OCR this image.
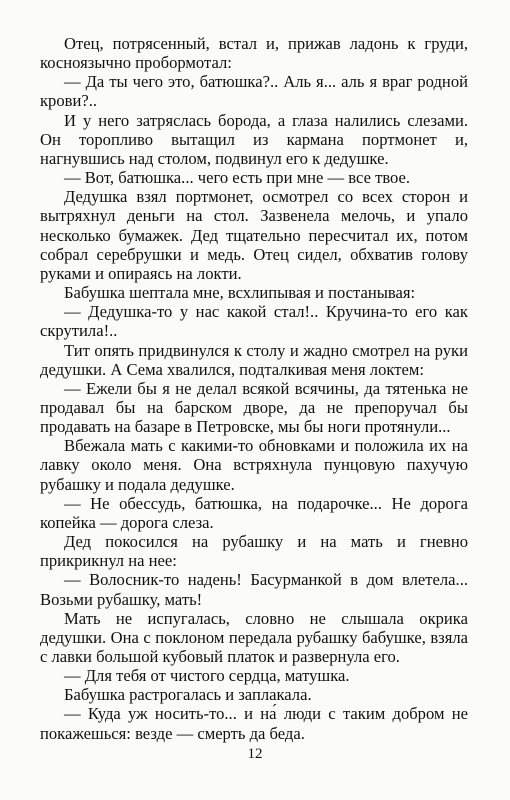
Отец, потрясенный, встал и, прижав ладонь к груди, косноязычно пробормотал:

— Да ты чего это, батюшка?.. Аль я... аль я враг родной крови?..

И у него затряслась борода, а глаза налились слезами. Он торопливо вытащил из кармана портмонет и, нагнувшись над столом, подвинул его к дедушке.

— Вот, батюшка... чего есть при мне — все твое.

Дедушка взял портмонет, осмотрел со всех сторон и вытряхнул деньги на стол. Зазвенела мелочь, и упало несколько бумажек. Дед тщательно пересчитал их, потом собрал серебрушки и медь. Отец сидел, обхватив голову руками и опираясь на локти.

Бабушка шептала мне, всхлипывая и постанывая:

— Дедушка-то у нас какой стал!.. Кручина-то его как скрутила!..

Тит опять придвинулся к столу и жадно смотрел на руки дедушки. А Сема хвалился, подталкивая меня локтем:

— Ежели бы я не делал всякой всячины, да тятенька не продавал бы на барском дворе, да не препоручал бы продавать на базаре в Петровске, мы бы ноги протянули...

Вбежала мать с какими-то обновками и положила их на лавку около меня. Она встряхнула пунцовую пахучую рубашку и подала дедушке.

— Не обессудь, батюшка, на подарочке... Не дорога копейка — дорога слеза.

Дед покосился на рубашку и на мать и гневно прикрикнул на нее:

— Волосник-то надень! Басурманкой в дом влетела... Возьми рубашку, мать!

Мать не испугалась, словно не слышала окрика дедушки. Она с поклоном передала рубашку бабушке, взяла с лавки большой кубовый платок и развернула его.

— Для тебя от чистого сердца, матушка.

Бабушка растрогалась и заплакала.

— Куда уж носить-то... и на́ люди с таким добром не покажешься: везде — смерть да беда.

12
